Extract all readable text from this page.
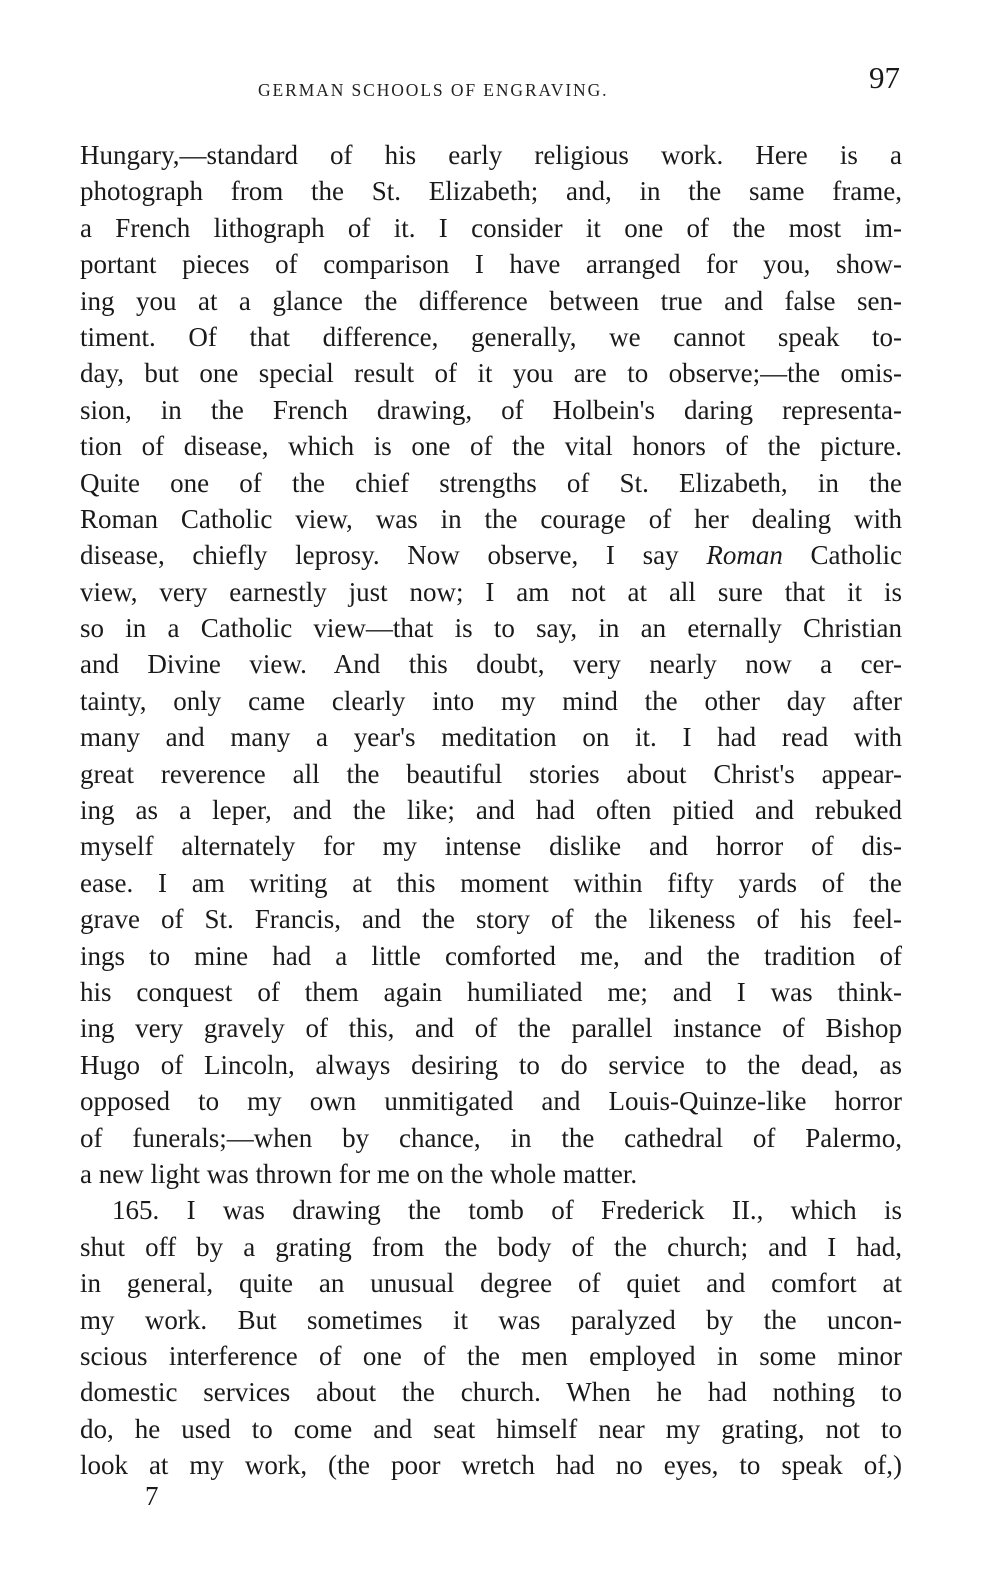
GERMAN SCHOOLS OF ENGRAVING.	97
Hungary,—standard of his early religious work. Here is a
photograph from the St. Elizabeth; and, in the same frame,
a French lithograph of it. I consider it one of the most im-
portant pieces of comparison I have arranged for you, show-
ing you at a glance the difference between true and false sen-
timent. Of that difference, generally, we cannot speak to-
day, but one special result of it you are to observe;—the omis-
sion, in the French drawing, of Holbein's daring representa-
tion of disease, which is one of the vital honors of the picture.
Quite one of the chief strengths of St. Elizabeth, in the
Roman Catholic view, was in the courage of her dealing with
disease, chiefly leprosy. Now observe, I say Roman Catholic
view, very earnestly just now; I am not at all sure that it is
so in a Catholic view—that is to say, in an eternally Christian
and Divine view. And this doubt, very nearly now a cer-
tainty, only came clearly into my mind the other day after
many and many a year's meditation on it. I had read with
great reverence all the beautiful stories about Christ's appear-
ing as a leper, and the like; and had often pitied and rebuked
myself alternately for my intense dislike and horror of dis-
ease. I am writing at this moment within fifty yards of the
grave of St. Francis, and the story of the likeness of his feel-
ings to mine had a little comforted me, and the tradition of
his conquest of them again humiliated me; and I was think-
ing very gravely of this, and of the parallel instance of Bishop
Hugo of Lincoln, always desiring to do service to the dead, as
opposed to my own unmitigated and Louis-Quinze-like horror
of funerals;—when by chance, in the cathedral of Palermo,
a new light was thrown for me on the whole matter.
165. I was drawing the tomb of Frederick II., which is
shut off by a grating from the body of the church; and I had,
in general, quite an unusual degree of quiet and comfort at
my work. But sometimes it was paralyzed by the uncon-
scious interference of one of the men employed in some minor
domestic services about the church. When he had nothing to
do, he used to come and seat himself near my grating, not to
look at my work, (the poor wretch had no eyes, to speak of,)
7
